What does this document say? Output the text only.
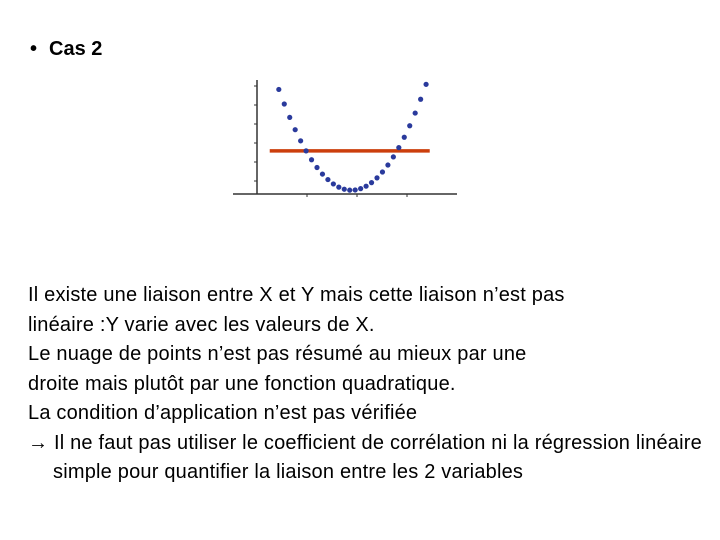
• Cas 2

Il existe une liaison entre X et Y mais cette liaison n’est pas

linéaire :Y varie avec les valeurs de X.

Le nuage de points n’est pas résumé au mieux par une

droite mais plutôt par une fonction quadratique.

La condition d’application n’est pas vérifiée

→ Il ne faut pas utiliser le coefficient de corrélation ni la régression linéaire simple pour quantifier la liaison entre les 2 variables
